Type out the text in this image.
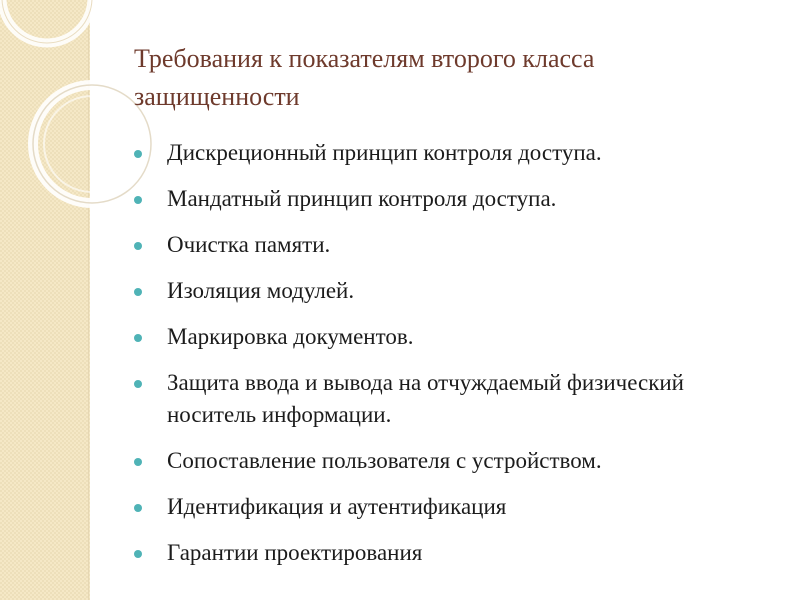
Требования к показателям второго класса защищенности
Дискреционный принцип контроля доступа.
Мандатный принцип контроля доступа.
Очистка памяти.
Изоляция модулей.
Маркировка документов.
Защита ввода и вывода на отчуждаемый физический носитель информации.
Сопоставление пользователя с устройством.
Идентификация и аутентификация
Гарантии проектирования
